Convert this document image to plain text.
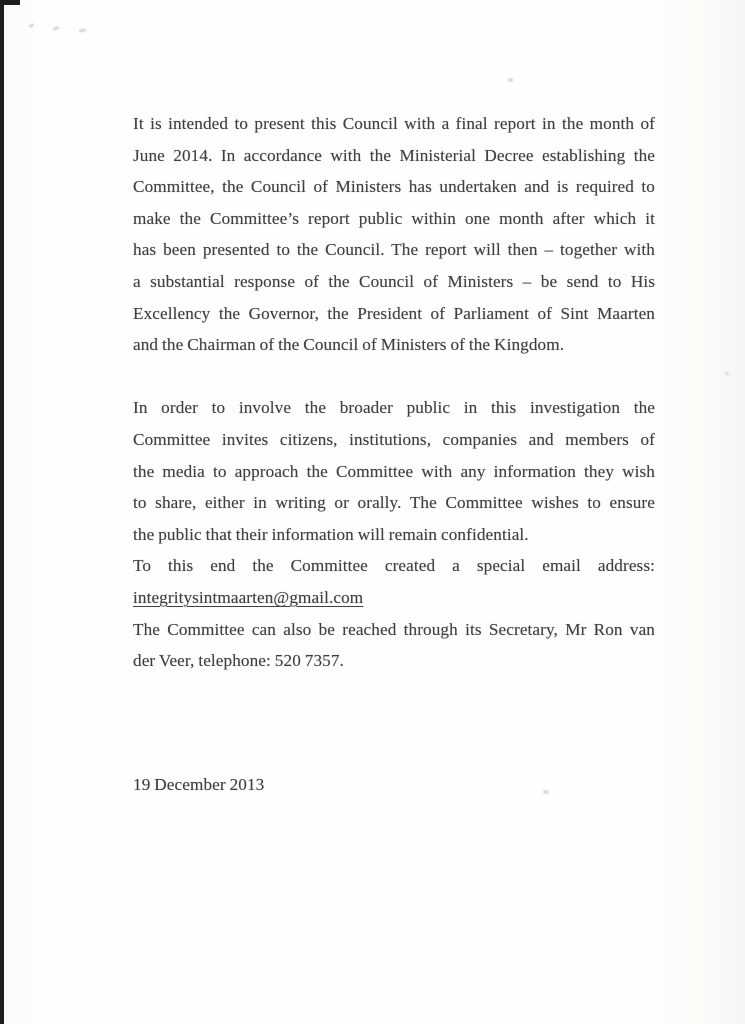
It is intended to present this Council with a final report in the month of
June 2014. In accordance with the Ministerial Decree establishing the
Committee, the Council of Ministers has undertaken and is required to
make the Committee’s report public within one month after which it
has been presented to the Council. The report will then – together with
a substantial response of the Council of Ministers – be send to His
Excellency the Governor, the President of Parliament of Sint Maarten
and the Chairman of the Council of Ministers of the Kingdom.
In order to involve the broader public in this investigation the
Committee invites citizens, institutions, companies and members of
the media to approach the Committee with any information they wish
to share, either in writing or orally. The Committee wishes to ensure
the public that their information will remain confidential.
To this end the Committee created a special email address:
integritysintmaarten@gmail.com
The Committee can also be reached through its Secretary, Mr Ron van
der Veer, telephone: 520 7357.
19 December 2013
